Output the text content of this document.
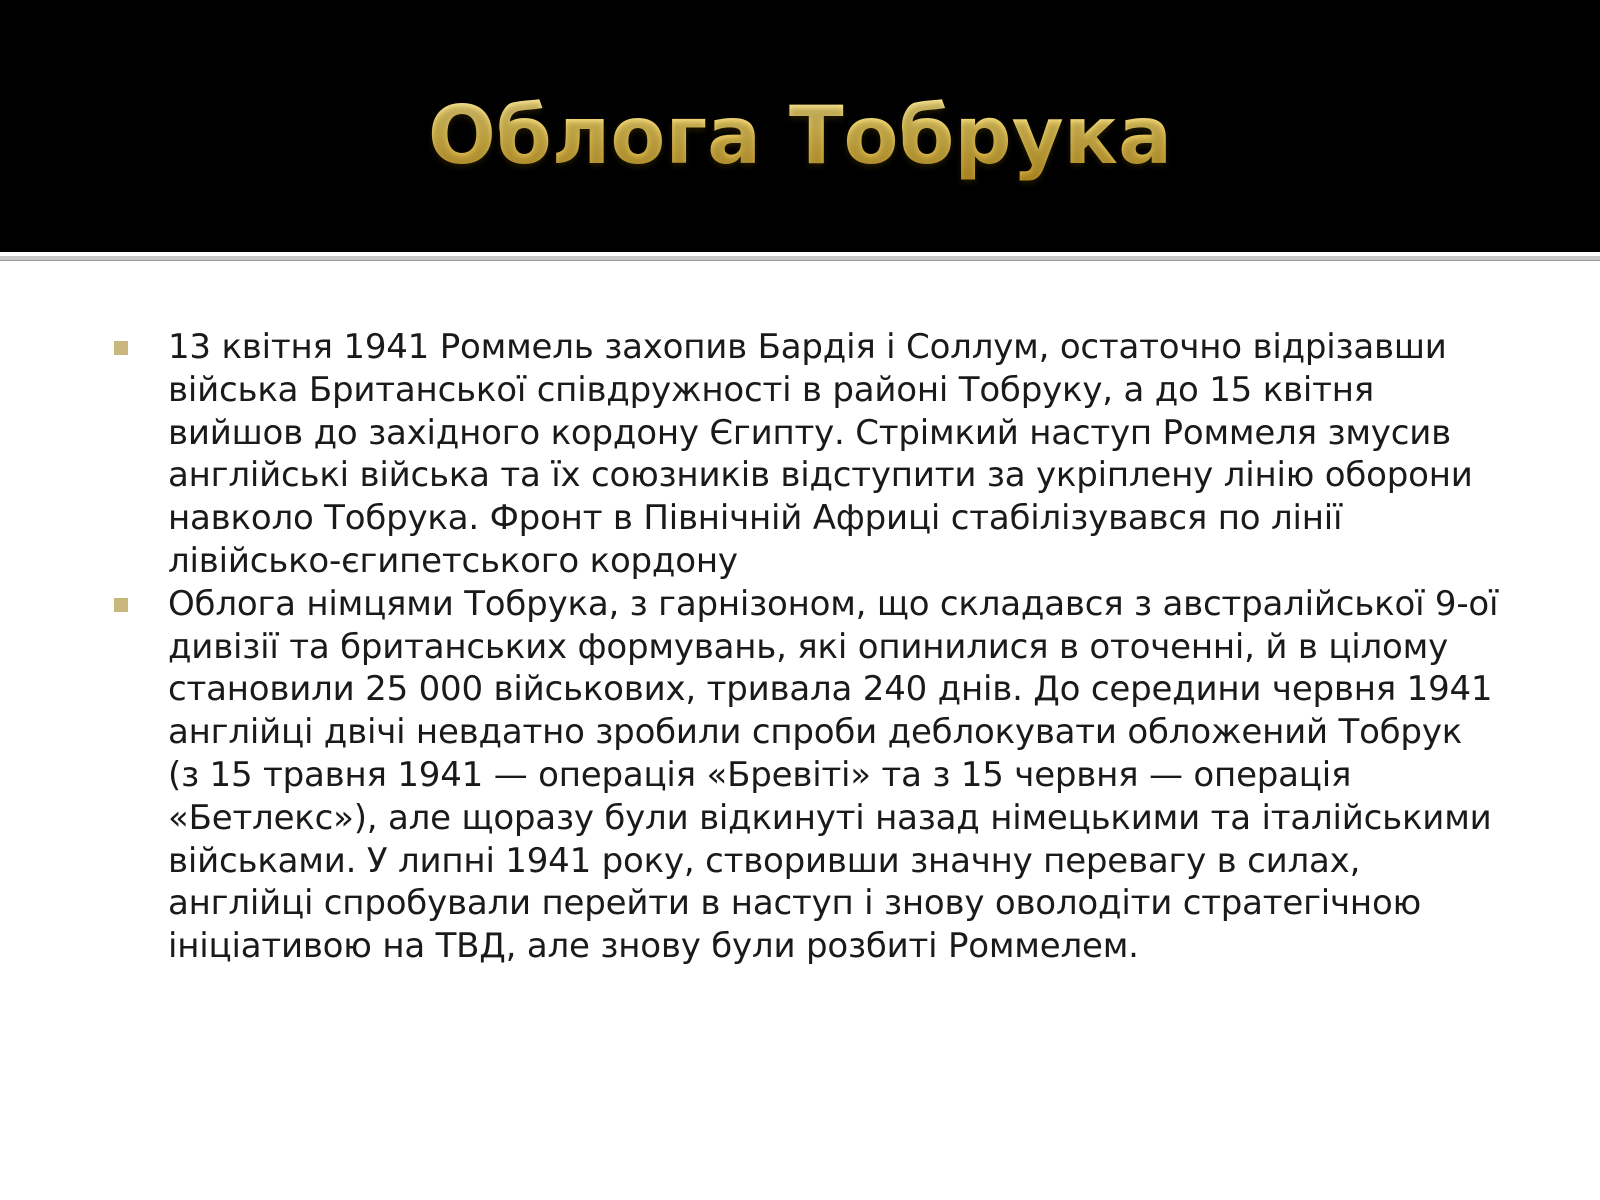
Облога Тобрука
13 квітня 1941 Роммель захопив Бардія і Соллум, остаточно відрізавши війська Британської співдружності в районі Тобруку, а до 15 квітня вийшов до західного кордону Єгипту. Стрімкий наступ Роммеля змусив англійські війська та їх союзників відступити за укріплену лінію оборони навколо Тобрука. Фронт в Північній Африці стабілізувався по лінії лівійсько-єгипетського кордону
Облога німцями Тобрука, з гарнізоном, що складався з австралійської 9-ої дивізії та британських формувань, які опинилися в оточенні, й в цілому становили 25 000 військових, тривала 240 днів. До середини червня 1941 англійці двічі невдатно зробили спроби деблокувати обложений Тобрук (з 15 травня 1941 — операція «Бревіті» та з 15 червня — операція «Бетлекс»), але щоразу були відкинуті назад німецькими та італійськими військами. У липні 1941 року, створивши значну перевагу в силах, англійці спробували перейти в наступ і знову оволодіти стратегічною ініціативою на ТВД, але знову були розбиті Роммелем.
